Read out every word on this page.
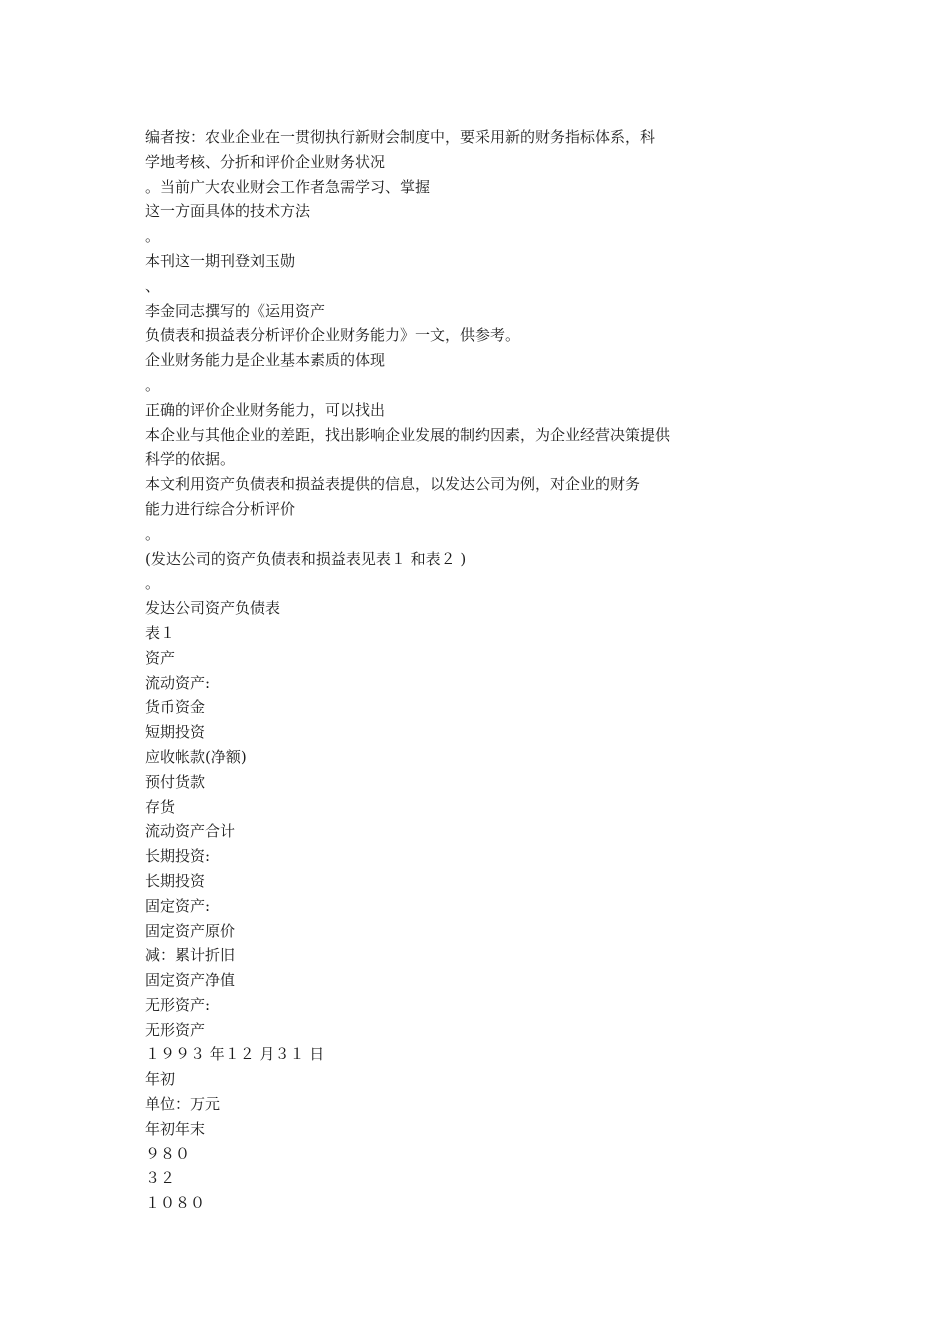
编者按：农业企业在一贯彻执行新财会制度中，要采用新的财务指标体系，科
学地考核、分折和评价企业财务状况
。当前广大农业财会工作者急需学习、掌握
这一方面具体的技术方法
。
本刊这一期刊登刘玉勋
、
李金同志撰写的《运用资产
负债表和损益表分析评价企业财务能力》一文，供参考。
企业财务能力是企业基本素质的体现
。
正确的评价企业财务能力，可以找出
本企业与其他企业的差距，找出影响企业发展的制约因素，为企业经营决策提供
科学的依据。
本文利用资产负债表和损益表提供的信息，以发达公司为例，对企业的财务
能力进行综合分析评价
。
(发达公司的资产负债表和损益表见表１ 和表２ )
。
发达公司资产负债表
表１
资产
流动资产:
货币资金
短期投资
应收帐款(净额)
预付货款
存货
流动资产合计
长期投资:
长期投资
固定资产:
固定资产原价
减：累计折旧
固定资产净值
无形资产:
无形资产
１９９３ 年１２ 月３１ 日
年初
单位：万元
年初年末
９８０
３２
１０８０
